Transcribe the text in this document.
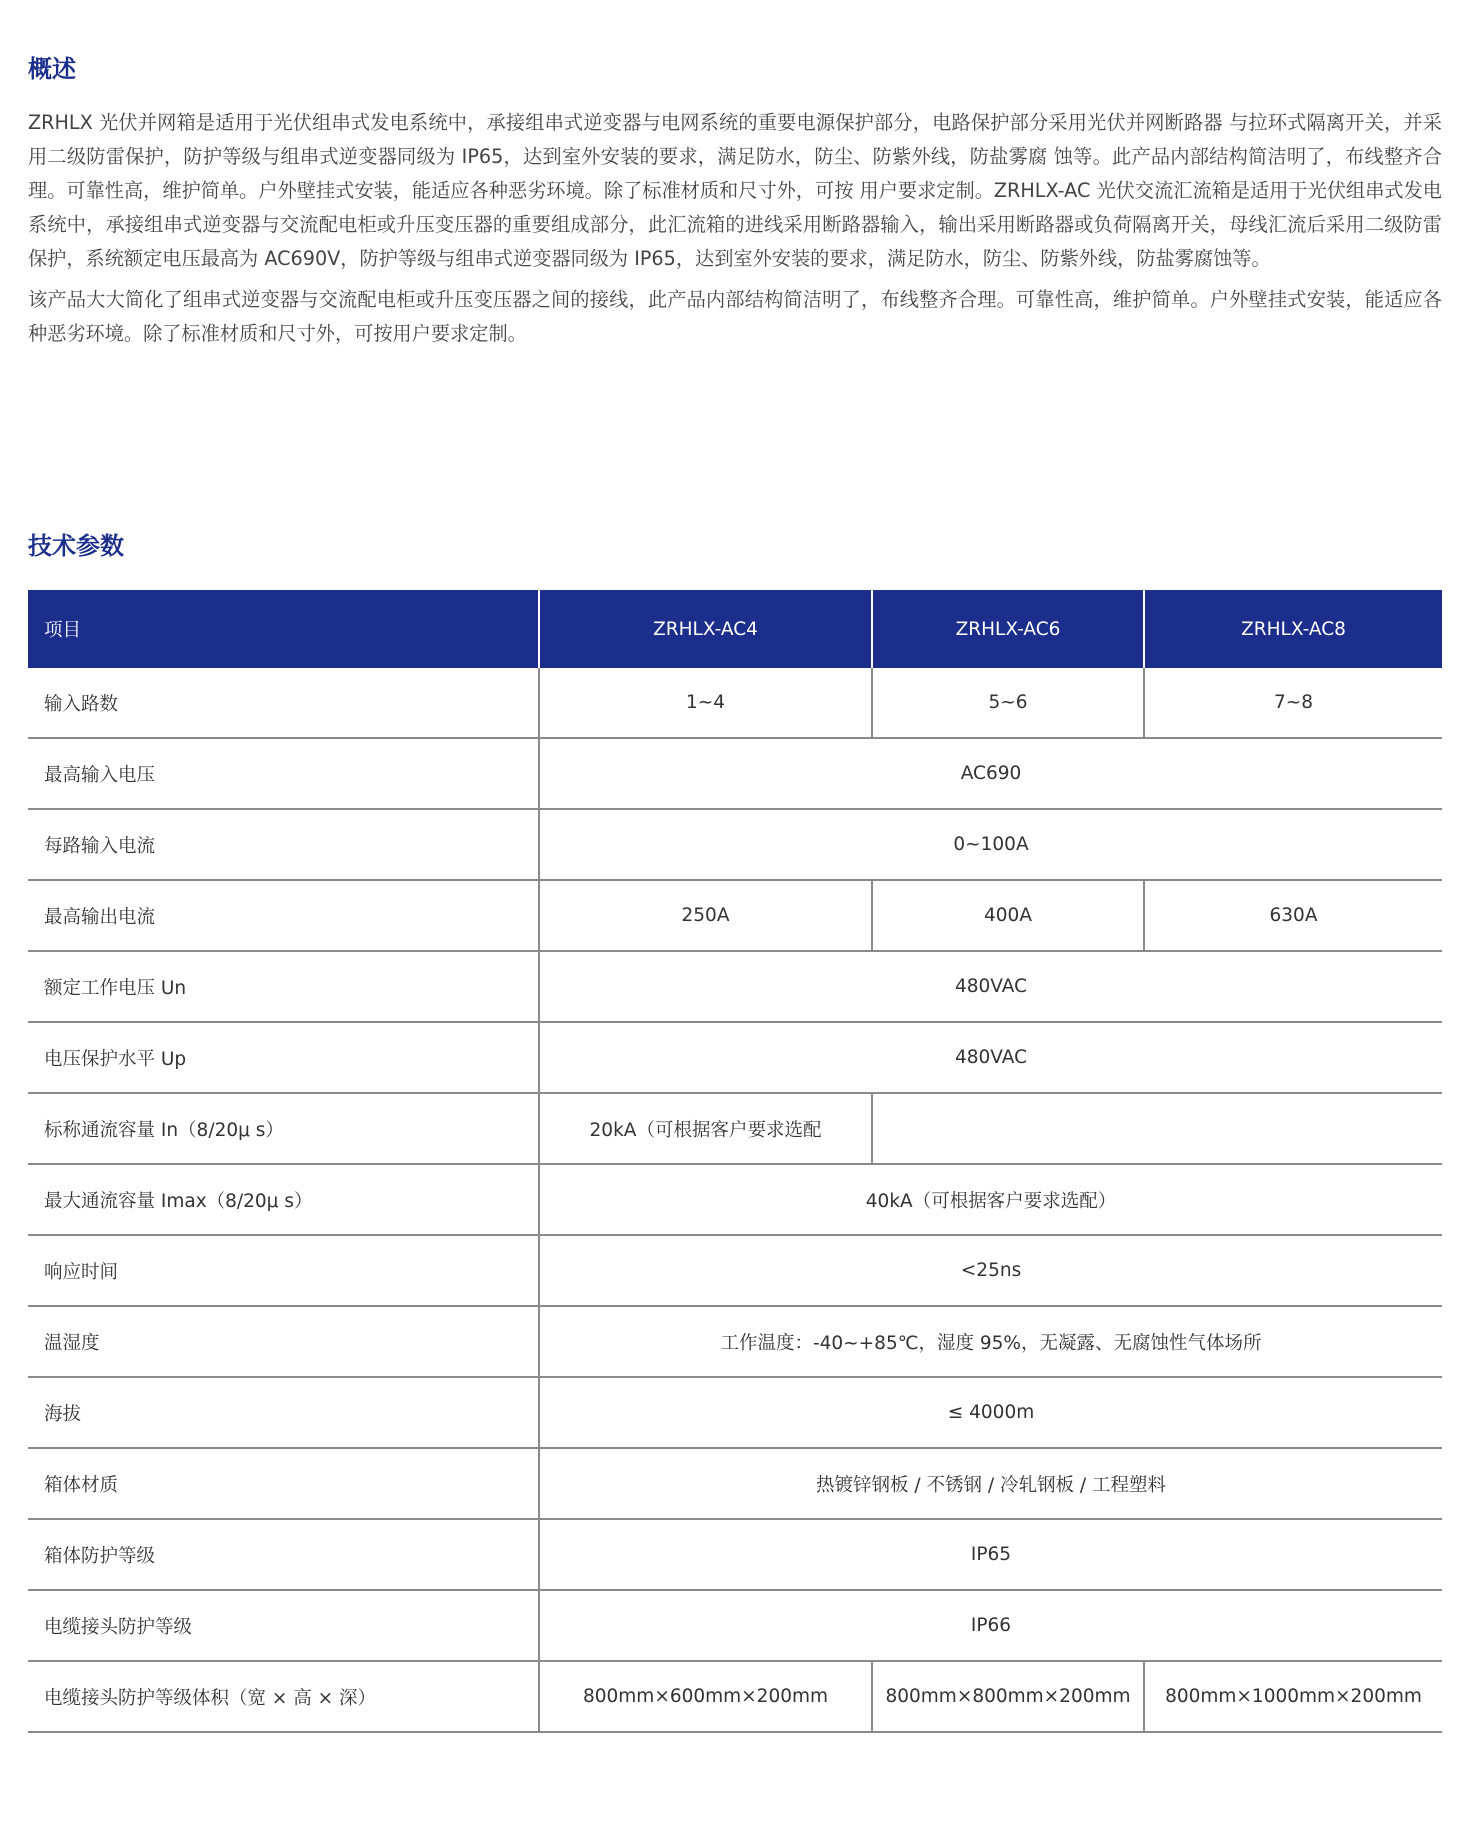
概述

ZRHLX 光伏并网箱是适用于光伏组串式发电系统中，承接组串式逆变器与电网系统的重要电源保护部分，电路保护部分采用光伏并网断路器 与拉环式隔离开关，并采用二级防雷保护，防护等级与组串式逆变器同级为 IP65，达到室外安装的要求，满足防水，防尘、防紫外线，防盐雾腐 蚀等。此产品内部结构简洁明了，布线整齐合理。可靠性高，维护简单。户外壁挂式安装，能适应各种恶劣环境。除了标准材质和尺寸外，可按 用户要求定制。ZRHLX-AC 光伏交流汇流箱是适用于光伏组串式发电系统中，承接组串式逆变器与交流配电柜或升压变压器的重要组成部分，此汇流箱的进线采用断路器输入，输出采用断路器或负荷隔离开关，母线汇流后采用二级防雷保护，系统额定电压最高为 AC690V，防护等级与组串式逆变器同级为 IP65，达到室外安装的要求，满足防水，防尘、防紫外线，防盐雾腐蚀等。

该产品大大简化了组串式逆变器与交流配电柜或升压变压器之间的接线，此产品内部结构简洁明了，布线整齐合理。可靠性高，维护简单。户外壁挂式安装，能适应各种恶劣环境。除了标准材质和尺寸外，可按用户要求定制。

技术参数
项目	ZRHLX-AC4	ZRHLX-AC6	ZRHLX-AC8
输入路数	1~4	5~6	7~8
最高输入电压	AC690		
每路输入电流	0~100A		
最高输出电流	250A	400A	630A
额定工作电压 Un	480VAC		
电压保护水平 Up	480VAC		
标称通流容量 In（8/20μ s）	20kA（可根据客户要求选配		
最大通流容量 Imax（8/20μ s）	40kA（可根据客户要求选配）		
响应时间	<25ns		
温湿度	工作温度：-40~+85℃，湿度 95%，无凝露、无腐蚀性气体场所		
海拔	≤ 4000m		
箱体材质	热镀锌钢板 / 不锈钢 / 冷轧钢板 / 工程塑料		
箱体防护等级	IP65		
电缆接头防护等级	IP66		
电缆接头防护等级体积（宽 × 高 × 深）	800mm×600mm×200mm	800mm×800mm×200mm	800mm×1000mm×200mm
